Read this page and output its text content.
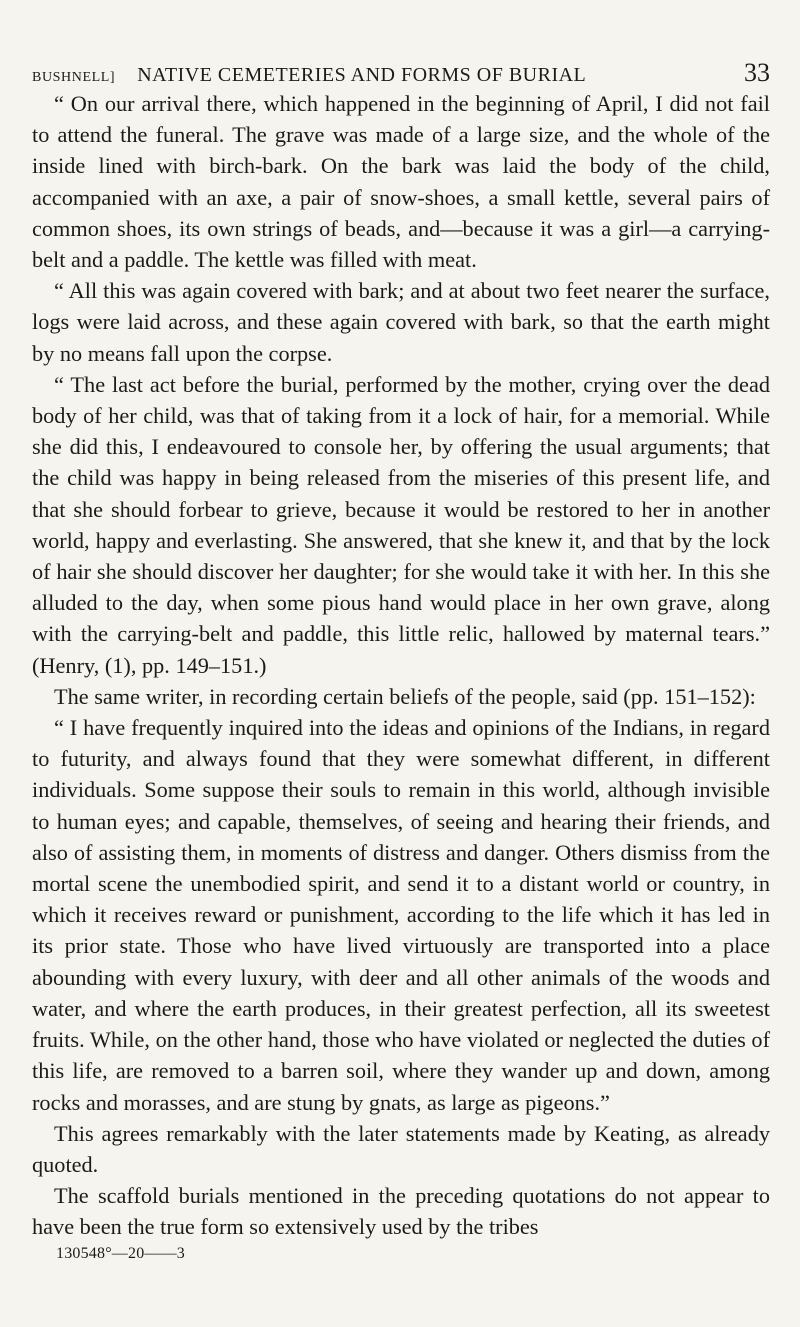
BUSHNELL] NATIVE CEMETERIES AND FORMS OF BURIAL	33

“ On our arrival there, which happened in the beginning of April, I did not fail to attend the funeral. The grave was made of a large size, and the whole of the inside lined with birch-bark. On the bark was laid the body of the child, accompanied with an axe, a pair of snow-shoes, a small kettle, several pairs of common shoes, its own strings of beads, and—because it was a girl—a carrying-belt and a paddle. The kettle was filled with meat.

“ All this was again covered with bark; and at about two feet nearer the surface, logs were laid across, and these again covered with bark, so that the earth might by no means fall upon the corpse.

“ The last act before the burial, performed by the mother, crying over the dead body of her child, was that of taking from it a lock of hair, for a memorial. While she did this, I endeavoured to console her, by offering the usual arguments; that the child was happy in being released from the miseries of this present life, and that she should forbear to grieve, because it would be restored to her in another world, happy and everlasting. She answered, that she knew it, and that by the lock of hair she should discover her daughter; for she would take it with her. In this she alluded to the day, when some pious hand would place in her own grave, along with the carrying-belt and paddle, this little relic, hallowed by maternal tears.” (Henry, (1), pp. 149–151.)

The same writer, in recording certain beliefs of the people, said (pp. 151–152):

“ I have frequently inquired into the ideas and opinions of the Indians, in regard to futurity, and always found that they were somewhat different, in different individuals. Some suppose their souls to remain in this world, although invisible to human eyes; and capable, themselves, of seeing and hearing their friends, and also of assisting them, in moments of distress and danger. Others dismiss from the mortal scene the unembodied spirit, and send it to a distant world or country, in which it receives reward or punishment, according to the life which it has led in its prior state. Those who have lived virtuously are transported into a place abounding with every luxury, with deer and all other animals of the woods and water, and where the earth produces, in their greatest perfection, all its sweetest fruits. While, on the other hand, those who have violated or neglected the duties of this life, are removed to a barren soil, where they wander up and down, among rocks and morasses, and are stung by gnats, as large as pigeons.”

This agrees remarkably with the later statements made by Keating, as already quoted.

The scaffold burials mentioned in the preceding quotations do not appear to have been the true form so extensively used by the tribes

130548°—20——3
